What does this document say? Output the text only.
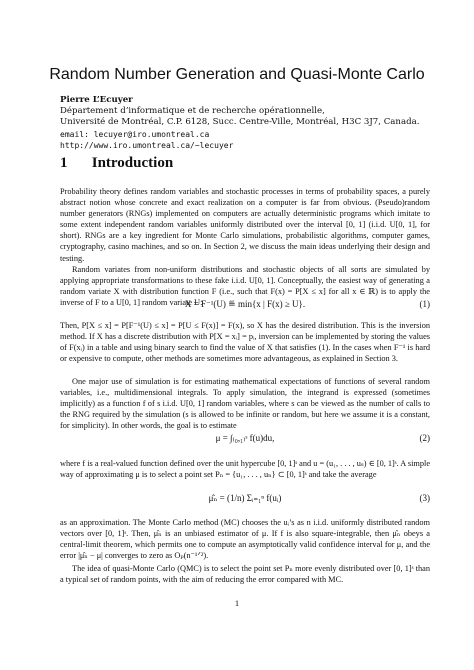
Random Number Generation and Quasi-Monte Carlo
Pierre L’Ecuyer
Département d’informatique et de recherche opérationnelle,
Université de Montréal, C.P. 6128, Succ. Centre-Ville, Montréal, H3C 3J7, Canada.
email: lecuyer@iro.umontreal.ca
http://www.iro.umontreal.ca/~lecuyer
1 Introduction
Probability theory defines random variables and stochastic processes in terms of probability spaces, a purely abstract notion whose concrete and exact realization on a computer is far from obvious. (Pseudo)random number generators (RNGs) implemented on computers are actually deterministic programs which imitate to some extent independent random variables uniformly distributed over the interval [0, 1] (i.i.d. U[0, 1], for short). RNGs are a key ingredient for Monte Carlo simulations, probabilistic algorithms, computer games, cryptography, casino machines, and so on. In Section 2, we discuss the main ideas underlying their design and testing.
Random variates from non-uniform distributions and stochastic objects of all sorts are simulated by applying appropriate transformations to these fake i.i.d. U[0, 1]. Conceptually, the easiest way of generating a random variate X with distribution function F (i.e., such that F(x) = P[X ≤ x] for all x ∈ ℝ) is to apply the inverse of F to a U[0, 1] random variate U:
X = F⁻¹(U) ≝ min{x | F(x) ≥ U}.	(1)
Then, P[X ≤ x] = P[F⁻¹(U) ≤ x] = P[U ≤ F(x)] = F(x), so X has the desired distribution. This is the inversion method. If X has a discrete distribution with P[X = xᵢ] = pᵢ, inversion can be implemented by storing the values of F(xᵢ) in a table and using binary search to find the value of X that satisfies (1). In the cases when F⁻¹ is hard or expensive to compute, other methods are sometimes more advantageous, as explained in Section 3.
One major use of simulation is for estimating mathematical expectations of functions of several random variables, i.e., multidimensional integrals. To apply simulation, the integrand is expressed (sometimes implicitly) as a function f of s i.i.d. U[0, 1] random variables, where s can be viewed as the number of calls to the RNG required by the simulation (s is allowed to be infinite or random, but here we assume it is a constant, for simplicity). In other words, the goal is to estimate
μ = ∫₍₀,₁₎ˢ f(u)du,	(2)
where f is a real-valued function defined over the unit hypercube [0, 1]ˢ and u = (u₁, . . . , uₛ) ∈ [0, 1]ˢ. A simple way of approximating μ is to select a point set Pₙ = {u₁, . . . , uₙ} ⊂ [0, 1]ˢ and take the average
μ̂ₙ = (1/n) Σᵢ₌₁ⁿ f(uᵢ)	(3)
as an approximation. The Monte Carlo method (MC) chooses the uᵢ’s as n i.i.d. uniformly distributed random vectors over [0, 1]ˢ. Then, μ̂ₙ is an unbiased estimator of μ. If f is also square-integrable, then μ̂ₙ obeys a central-limit theorem, which permits one to compute an asymptotically valid confidence interval for μ, and the error |μ̂ₙ − μ| converges to zero as Oₚ(n⁻¹ᐟ²).
The idea of quasi-Monte Carlo (QMC) is to select the point set Pₙ more evenly distributed over [0, 1]ˢ than a typical set of random points, with the aim of reducing the error compared with MC.
1
